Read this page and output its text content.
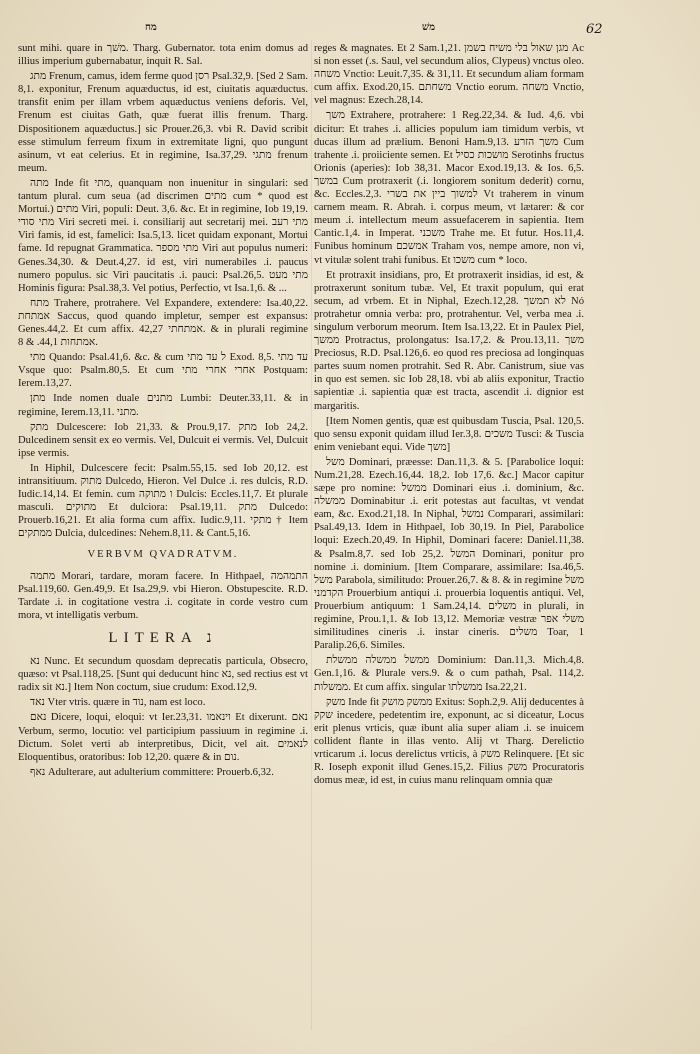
מח	משׁ	62

sunt mihi. quare in משׁך. Tharg. Gubernator. tota enim domus ad illius imperium gubernabatur, inquit R. Sal.

מתג Frenum, camus, idem ferme quod רסן Psal.32,9. [Sed 2 Sam. 8,1. exponitur, Frenum aquæductus, id est, ciuitatis aquæductus. transfit enim per illam vrbem aquæductus veniens deforis. Vel, Frenum est ciuitas Gath, quæ fuerat illis frenum. Tharg. Dispositionem aquæductus.] sic Prouer.26,3. vbi R. David scribit esse stimulum ferreum fixum in extremitate ligni, quo pungunt asinum, vt eat celerius. Et in regimine, Isa.37,29. מתגי frenum meum.

מתה Inde fit מתי, quanquam non inuenitur in singulari: sed tantum plural. cum seua (ad discrimen מתים cum * quod est Mortui.) מתים Viri, populi: Deut. 3,6. &c. Et in regimine, Iob 19,19. מתי סודי Viri secreti mei. i. consiliarij aut secretarij mei. מתי רעב Viri famis, id est, famelici: Isa.5,13. licet quidam exponant, Mortui fame. Id repugnat Grammatica. מתי מספר Viri aut populus numeri: Genes.34,30. & Deut.4,27. id est, viri numerabiles .i. paucus numero populus. sic Viri paucitatis .i. pauci: Psal.26,5. מתי מעט Hominis figura: Psal.38,3. Vel potius, Perfectio, vt Isa.1,6. & ...

מתח Trahere, protrahere. Vel Expandere, extendere: Isa.40,22. אמתחת Saccus, quod quando impletur, semper est expansus: Genes.44,2. Et cum affix. אמתחתי 42,27. & in plurali regimine אמתחות 44,1. & 8.

מתי Quando: Psal.41,6. &c. & cum ל עד מתי Exod. 8,5. עד מתי Vsque quo: Psalm.80,5. Et cum אחרי אחרי מתי Postquam: Ierem.13,27.

מתן Inde nomen duale מתנים Lumbi: Deuter.33,11. & in regimine, Ierem.13,11. מתני.

מתק Dulcescere: Iob 21,33. & Prou.9,17. מתק Iob 24,2. Dulcedinem sensit ex eo vermis. Vel, Dulcuit ei vermis. Vel, Dulcuit ipse vermis.

In Hiphil, Dulcescere fecit: Psalm.55,15. sed Iob 20,12. est intransitiuum. מתוק Dulcedo, Hieron. Vel Dulce .i. res dulcis, R.D. Iudic.14,14. Et femin. cum ו מתוקה Dulcis: Eccles.11,7. Et plurale masculi. מתוקים Et dulciora: Psal.19,11. מתק Dulcedo: Prouerb.16,21. Et alia forma cum affix. Iudic.9,11. מתקי † Item ממתקים Dulcia, dulcedines: Nehem.8,11. & Cant.5,16.

VERBVM QVADRATVM.

מתמה Morari, tardare, moram facere. In Hithpael, התמהמה Psal.119,60. Gen.49,9. Et Isa.29,9. vbi Hieron. Obstupescite. R.D. Tardate .i. in cogitatione vestra .i. cogitate in corde vestro cum mora, vt intelligatis verbum.

LITERA נ

נא Nunc. Et secundum quosdam deprecatis particula, Obsecro, quæso: vt Psal.118,25. [Sunt qui deducunt hinc נא, sed rectius est vt radix sit נא.] Item Non coctum, siue crudum: Exod.12,9.

נאד Vter vtris. quære in נוד, nam est loco.

נאם Dicere, loqui, eloqui: vt Ier.23,31. וינאמו Et dixerunt. נאם Verbum, sermo, locutio: vel participium passiuum in regimine .i. Dictum. Solet verti ab interpretibus, Dicit, vel ait. לנאמים Eloquentibus, oratoribus: Iob 12,20. quære & in נום.

נאף Adulterare, aut adulterium committere: Prouerb.6,32.

reges & magnates. Et 2 Sam.1,21. מגן שאול בלי משיח בשמן Ac si non esset (.s. Saul, vel secundum alios, Clypeus) vnctus oleo. משחה Vnctio: Leuit.7,35. & 31,11. Et secundum aliam formam cum affix. Exod.20,15. משחתם Vnctio eorum. משחה Vnctio, vel magnus: Ezech.28,14.

משך Extrahere, protrahere: 1 Reg.22,34. & Iud. 4,6. vbi dicitur: Et trahes .i. allicies populum iam timidum verbis, vt ducas illum ad prælium. Benoni Ham.9,13. משך הזרע Cum trahente .i. proiiciente semen. Et מושכות כסיל Serotinhs fructus Orionis (aperies): Iob 38,31. Macor Exod.19,13. & Ios. 6,5. במשך Cum protraxerit (.i. longiorem sonitum dederit) cornu, &c. Eccles.2,3. למשוך ביין את בשרי Vt traherem in vinum carnem meam. R. Abrah. i. corpus meum, vt lætarer: & cor meum .i. intellectum meum assuefacerem in sapientia. Item Cantic.1,4. in Imperat. משכני Trahe me. Et futur. Hos.11,4. Funibus hominum אמשכם Traham vos, nempe amore, non vi, vt vitulæ solent trahi funibus. Et משכו cum * loco.

Et protraxit insidians, pro, Et protraxerit insidias, id est, & protraxerunt sonitum tubæ. Vel, Et traxit populum, qui erat secum, ad vrbem. Et in Niphal, Ezech.12,28. לא תמשך Nó protrahetur omnia verba: pro, protrahentur. Vel, verba mea .i. singulum verborum meorum. Item Isa.13,22. Et in Paulex Piel, ממשך Protractus, prolongatus: Isa.17,2. & Prou.13,11. משך Preciosus, R.D. Psal.126,6. eo quod res preciosa ad longinquas partes suum nomen protrahit. Sed R. Abr. Canistrum, siue vas in quo est semen. sic Iob 28,18. vbi ab aliis exponitur, Tractio sapientiæ .i. sapientia quæ est tracta, ascendit .i. dignior est margaritis.

[Item Nomen gentis, quæ est quibusdam Tuscia, Psal. 120,5. quo sensu exponit quidam illud Ier.3,8. משכים Tusci: & Tuscia enim veniebant equi. Vide משך]

משל Dominari, præesse: Dan.11,3. & 5. [Parabolice loqui: Num.21,28. Ezech.16,44. 18,2. Iob 17,6. &c.] Macor capitur sæpe pro nomine: ממשל Dominari eius .i. dominium, &c. ממשלה Dominabitur .i. erit potestas aut facultas, vt vendat eam, &c. Exod.21,18. In Niphal, נמשל Comparari, assimilari: Psal.49,13. Idem in Hithpael, Iob 30,19. In Piel, Parabolice loqui: Ezech.20,49. In Hiphil, Dominari facere: Daniel.11,38. & Psalm.8,7. sed Iob 25,2. המשל Dominari, ponitur pro nomine .i. dominium. [Item Comparare, assimilare: Isa.46,5. משל Parabola, similitudo: Prouer.26,7. & 8. & in regimine משל הקדמני Prouerbium antiqui .i. prouerbia loquentis antiqui. Vel, Prouerbium antiquum: 1 Sam.24,14. משלים in plurali, in regimine, Prou.1,1. & Iob 13,12. Memoriæ vestræ משלי אפר similitudines cineris .i. instar cineris. משלים Toar, 1 Paralip.26,6. Similes.

ממשל ממשלה ממשלת Dominium: Dan.11,3. Mich.4,8. Gen.1,16. & Plurale vers.9. & o cum pathah, Psal. 114,2. ממשלות. Et cum affix. singular ממשלתו Isa.22,21.

משק Inde fit ממשק מושק Exitus: Soph.2,9. Alij deducentes à שקק incedere, pedetentim ire, exponunt, ac si diceatur, Locus erit plenus vrticis, quæ ibunt alia super aliam .i. se inuicem collident flante in illas vento. Alij vt Tharg. Derelictio vrticarum .i. locus derelictus vrticis, à משק Relinquere. [Et sic R. Ioseph exponit illud Genes.15,2. Filius משק Procuratoris domus meæ, id est, in cuius manu relinquam omnia quæ
